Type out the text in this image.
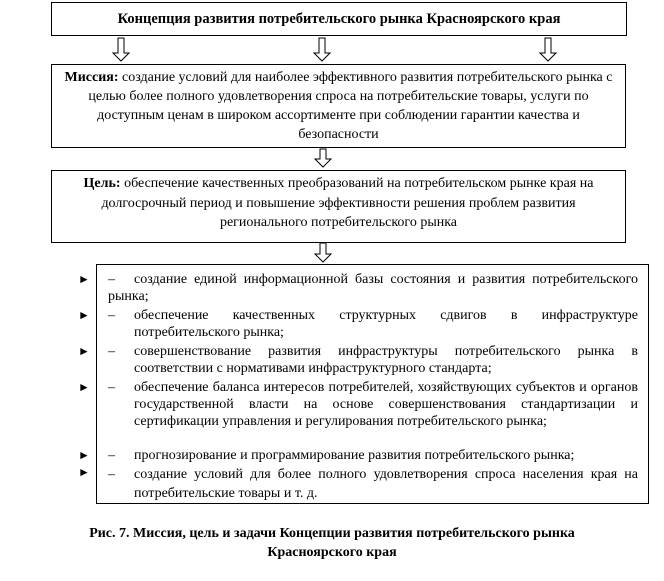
Концепция развития потребительского рынка Красноярского края
Миссия: создание условий для наиболее эффективного развития потребительского рынка с целью более полного удовлетворения спроса на потребительские товары, услуги по доступным ценам в широком ассортименте при соблюдении гарантии качества и безопасности
Цель: обеспечение качественных преобразований на потребительском рынке края на долгосрочный период и повышение эффективности решения проблем развития регионального потребительского рынка
►
►
►
►
►
►
–	создание единой информационной базы состояния и развития потребительского рынка;
–	обеспечение качественных структурных сдвигов в инфраструктуре потребительского рынка;
–	совершенствование развития инфраструктуры потребительского рынка в соответствии с нормативами инфраструктурного стандарта;
–	обеспечение баланса интересов потребителей, хозяйствующих субъектов и органов государственной власти на основе совершенствования стандартизации и сертификации управления и регулирования потребительского рынка;
–	прогнозирование и программирование развития потребительского рынка;
–	создание условий для более полного удовлетворения спроса населения края на потребительские товары и т. д.
Рис. 7. Миссия, цель и задачи Концепции развития потребительского рынка
Красноярского края
